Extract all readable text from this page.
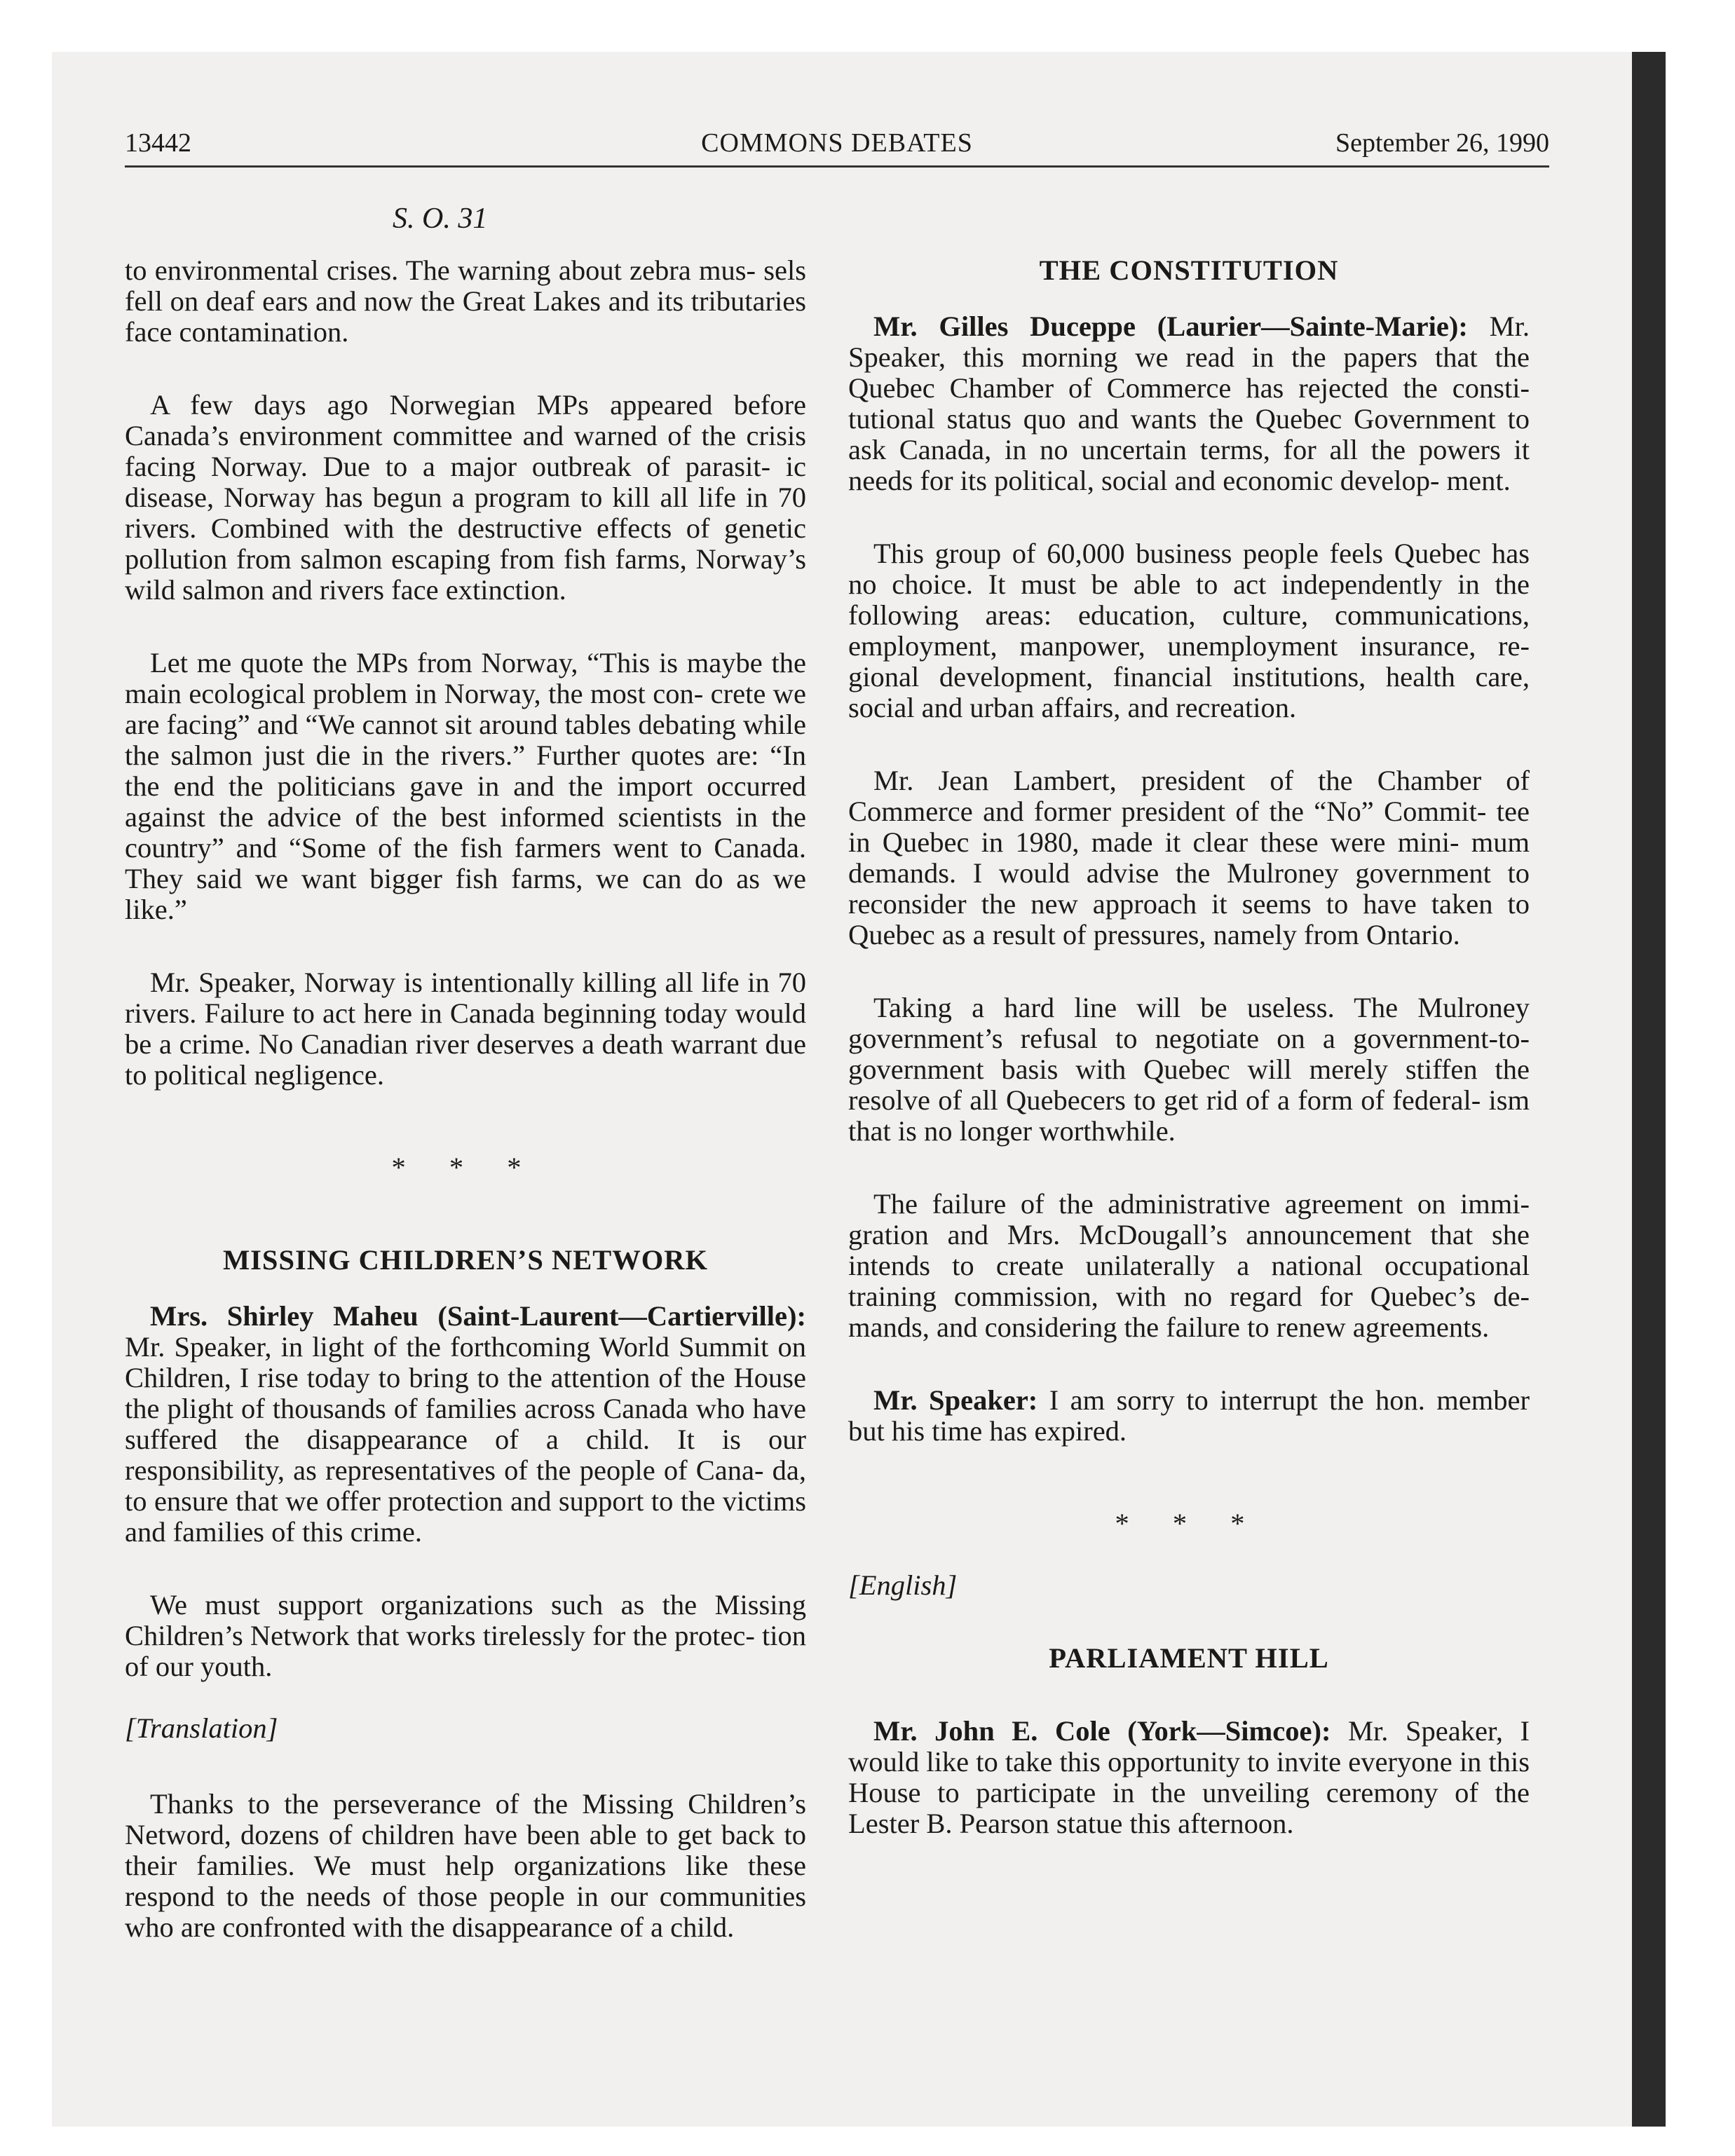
13442	COMMONS DEBATES	September 26, 1990
S. O. 31

to environmental crises. The warning about zebra mus- sels fell on deaf ears and now the Great Lakes and its tributaries face contamination.

A few days ago Norwegian MPs appeared before Canada’s environment committee and warned of the crisis facing Norway. Due to a major outbreak of parasit- ic disease, Norway has begun a program to kill all life in 70 rivers. Combined with the destructive effects of genetic pollution from salmon escaping from fish farms, Norway’s wild salmon and rivers face extinction.

Let me quote the MPs from Norway, “This is maybe the main ecological problem in Norway, the most con- crete we are facing” and “We cannot sit around tables debating while the salmon just die in the rivers.” Further quotes are: “In the end the politicians gave in and the import occurred against the advice of the best informed scientists in the country” and “Some of the fish farmers went to Canada. They said we want bigger fish farms, we can do as we like.”

Mr. Speaker, Norway is intentionally killing all life in 70 rivers. Failure to act here in Canada beginning today would be a crime. No Canadian river deserves a death warrant due to political negligence.

* * *

MISSING CHILDREN’S NETWORK

Mrs. Shirley Maheu (Saint-Laurent—Cartierville): Mr. Speaker, in light of the forthcoming World Summit on Children, I rise today to bring to the attention of the House the plight of thousands of families across Canada who have suffered the disappearance of a child. It is our responsibility, as representatives of the people of Cana- da, to ensure that we offer protection and support to the victims and families of this crime.

We must support organizations such as the Missing Children’s Network that works tirelessly for the protec- tion of our youth.

[Translation]

Thanks to the perseverance of the Missing Children’s Netword, dozens of children have been able to get back to their families. We must help organizations like these respond to the needs of those people in our communities who are confronted with the disappearance of a child.

THE CONSTITUTION

Mr. Gilles Duceppe (Laurier—Sainte-Marie): Mr. Speaker, this morning we read in the papers that the Quebec Chamber of Commerce has rejected the consti- tutional status quo and wants the Quebec Government to ask Canada, in no uncertain terms, for all the powers it needs for its political, social and economic develop- ment.

This group of 60,000 business people feels Quebec has no choice. It must be able to act independently in the following areas: education, culture, communications, employment, manpower, unemployment insurance, re- gional development, financial institutions, health care, social and urban affairs, and recreation.

Mr. Jean Lambert, president of the Chamber of Commerce and former president of the “No” Commit- tee in Quebec in 1980, made it clear these were mini- mum demands. I would advise the Mulroney government to reconsider the new approach it seems to have taken to Quebec as a result of pressures, namely from Ontario.

Taking a hard line will be useless. The Mulroney government’s refusal to negotiate on a government-to- government basis with Quebec will merely stiffen the resolve of all Quebecers to get rid of a form of federal- ism that is no longer worthwhile.

The failure of the administrative agreement on immi- gration and Mrs. McDougall’s announcement that she intends to create unilaterally a national occupational training commission, with no regard for Quebec’s de- mands, and considering the failure to renew agreements.

Mr. Speaker: I am sorry to interrupt the hon. member but his time has expired.

* * *

[English]

PARLIAMENT HILL

Mr. John E. Cole (York—Simcoe): Mr. Speaker, I would like to take this opportunity to invite everyone in this House to participate in the unveiling ceremony of the Lester B. Pearson statue this afternoon.
